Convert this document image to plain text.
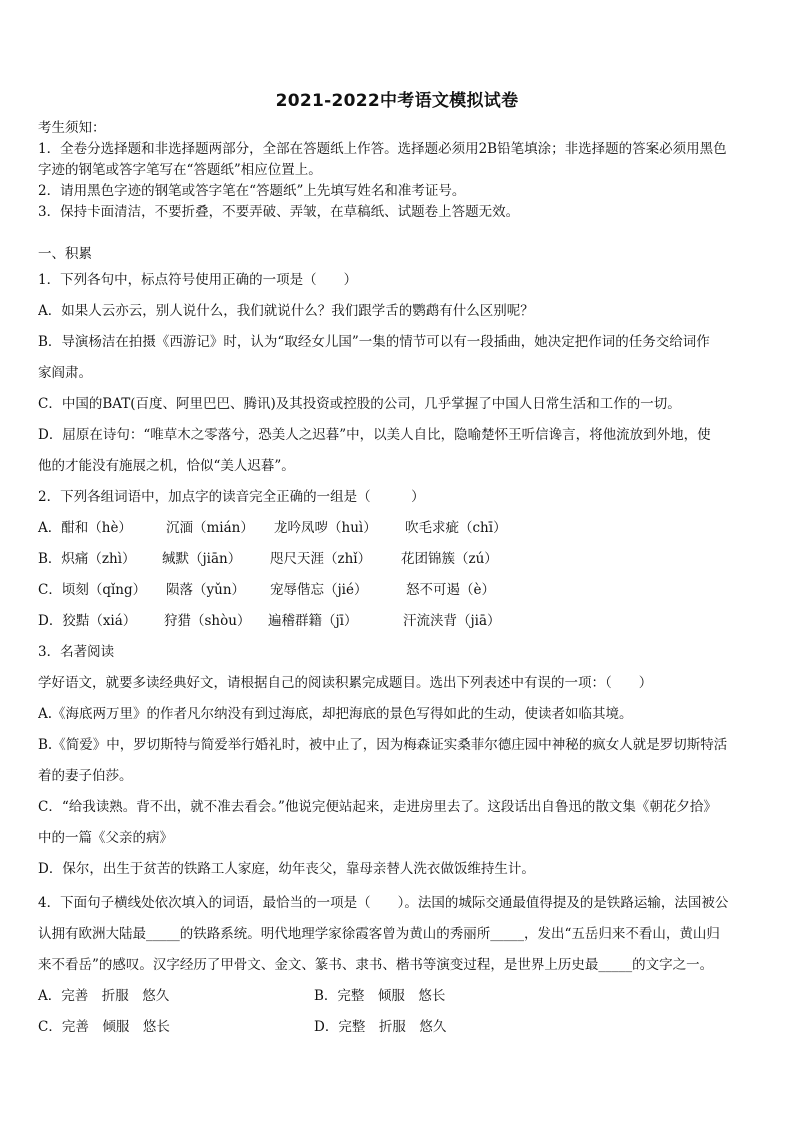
2021-2022中考语文模拟试卷
考生须知：
1．全卷分选择题和非选择题两部分，全部在答题纸上作答。选择题必须用2B铅笔填涂；非选择题的答案必须用黑色
字迹的钢笔或答字笔写在“答题纸”相应位置上。
2．请用黑色字迹的钢笔或答字笔在“答题纸”上先填写姓名和准考证号。
3．保持卡面清洁，不要折叠，不要弄破、弄皱，在草稿纸、试题卷上答题无效。
一、积累
1．下列各句中，标点符号使用正确的一项是（　　）
A．如果人云亦云，别人说什么，我们就说什么？我们跟学舌的鹦鹉有什么区别呢？
B．导演杨洁在拍摄《西游记》时，认为“取经女儿国”一集的情节可以有一段插曲，她决定把作词的任务交给词作
家阎肃。
C．中国的BAT(百度、阿里巴巴、腾讯)及其投资或控股的公司，几乎掌握了中国人日常生活和工作的一切。
D．屈原在诗句：“唯草木之零落兮，恐美人之迟暮”中，以美人自比，隐喻楚怀王听信谗言，将他流放到外地，使
他的才能没有施展之机，恰似“美人迟暮”。
2．下列各组词语中，加点字的读音完全正确的一组是（　　　）
A．酣和（hè）	沉湎（mián） 龙吟凤哕（huì） 吹毛求疵（chī）
B．炽痛（zhì） 缄默（jiān） 咫尺天涯（zhǐ） 花团锦簇（zú）
C．顷刻（qǐng） 陨落（yǔn） 宠辱偕忘（jié）	怒不可遏（è）
D．狡黠（xiá） 狩猎（shòu） 遍稽群籍（jī）	汗流浃背（jiā）
3．名著阅读
学好语文，就要多读经典好文，请根据自己的阅读积累完成题目。选出下列表述中有误的一项：（　　）
A.《海底两万里》的作者凡尔纳没有到过海底，却把海底的景色写得如此的生动，使读者如临其境。
B.《简爱》中，罗切斯特与简爱举行婚礼时，被中止了，因为梅森证实桑菲尔德庄园中神秘的疯女人就是罗切斯特活
着的妻子伯莎。
C．“给我读熟。背不出，就不准去看会。”他说完便站起来，走进房里去了。这段话出自鲁迅的散文集《朝花夕拾》
中的一篇《父亲的病》
D．保尔，出生于贫苦的铁路工人家庭，幼年丧父，靠母亲替人洗衣做饭维持生计。
4．下面句子横线处依次填入的词语，最恰当的一项是（　　）。法国的城际交通最值得提及的是铁路运输，法国被公
认拥有欧洲大陆最_____的铁路系统。明代地理学家徐霞客曾为黄山的秀丽所_____，发出“五岳归来不看山，黄山归
来不看岳”的感叹。汉字经历了甲骨文、金文、篆书、隶书、楷书等演变过程，是世界上历史最_____的文字之一。
A．完善　折服　悠久	B．完整　倾服　悠长
C．完善　倾服　悠长	D．完整　折服　悠久
